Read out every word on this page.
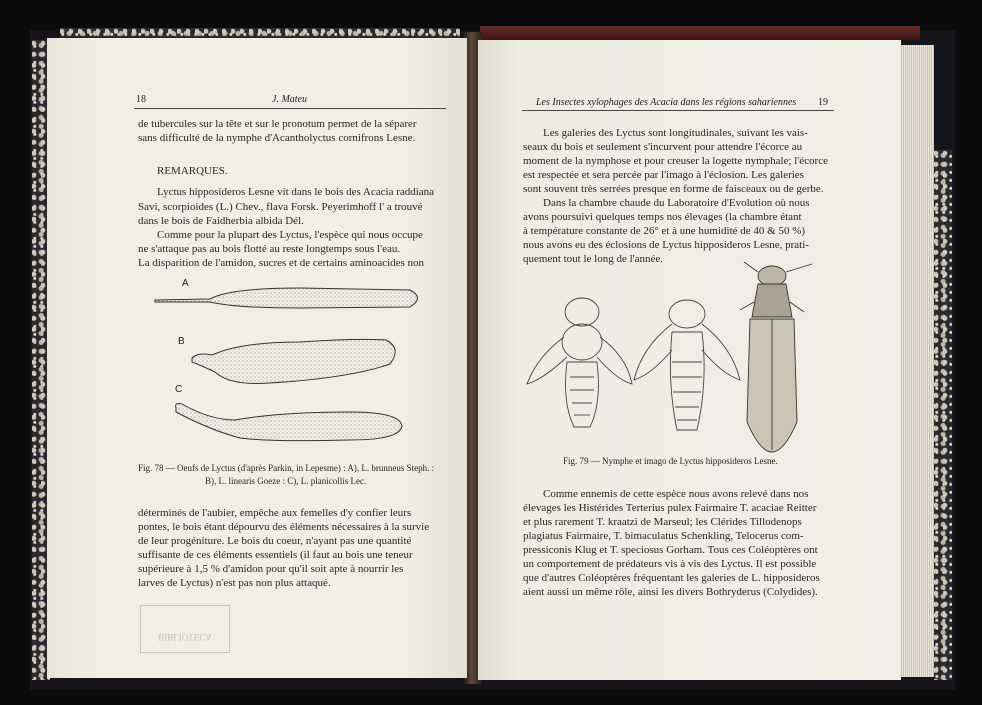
18	J. Mateu
de tubercules sur la tête et sur le pronotum permet de la séparer
sans difficulté de la nymphe d'Acantholyctus cornifrons Lesne.
REMARQUES.
Lyctus hipposideros Lesne vit dans le bois des Acacia raddiana
Savi, scorpioides (L.) Chev., flava Forsk. Peyerimhoff l' a trouvé
dans le bois de Faidherbia albida Dél.
Comme pour la plupart des Lyctus, l'espèce qui nous occupe
ne s'attaque pas au bois flotté au reste longtemps sous l'eau.
La disparition de l'amidon, sucres et de certains aminoacides non
A
B
C
Fig. 78 — Oeufs de Lyctus (d'après Parkin, in Lepesme) : A), L. brunneus Steph. :
B), L. linearis Goeze : C), L. planicollis Lec.
déterminés de l'aubier, empêche aux femelles d'y confier leurs
pontes, le bois étant dépourvu des éléments nécessaires à la survie
de leur progéniture. Le bois du coeur, n'ayant pas une quantité
suffisante de ces éléments essentiels (il faut au bois une teneur
supérieure à 1,5 % d'amidon pour qu'il soit apte à nourrir les
larves de Lyctus) n'est pas non plus attaqué.
BIBLIOTECA
Les Insectes xylophages des Acacia dans les régions sahariennes 19
Les galeries des Lyctus sont longitudinales, suivant les vais-
seaux du bois et seulement s'incurvent pour attendre l'écorce au
moment de la nymphose et pour creuser la logette nymphale; l'écorce
est respectée et sera percée par l'imago à l'éclosion. Les galeries
sont souvent très serrées presque en forme de faisceaux ou de gerbe.
Dans la chambre chaude du Laboratoire d'Evolution où nous
avons poursuivi quelques temps nos élevages (la chambre étant
à température constante de 26° et à une humidité de 40 & 50 %)
nous avons eu des éclosions de Lyctus hipposideros Lesne, prati-
quement tout le long de l'année.
Fig. 79 — Nymphe et imago de Lyctus hipposideros Lesne.
Comme ennemis de cette espèce nous avons relevé dans nos
élevages les Histérides Terterius pulex Fairmaire T. acaciae Reitter
et plus rarement T. kraatzi de Marseul; les Clérides Tillodenops
plagiatus Fairmaire, T. bimaculatus Schenkling, Telocerus com-
pressiconis Klug et T. speciosus Gorham. Tous ces Coléoptères ont
un comportement de prédateurs vis à vis des Lyctus. Il est possible
que d'autres Coléoptères fréquentant les galeries de L. hipposideros
aient aussi un même rôle, ainsi les divers Bothryderus (Colydides).
